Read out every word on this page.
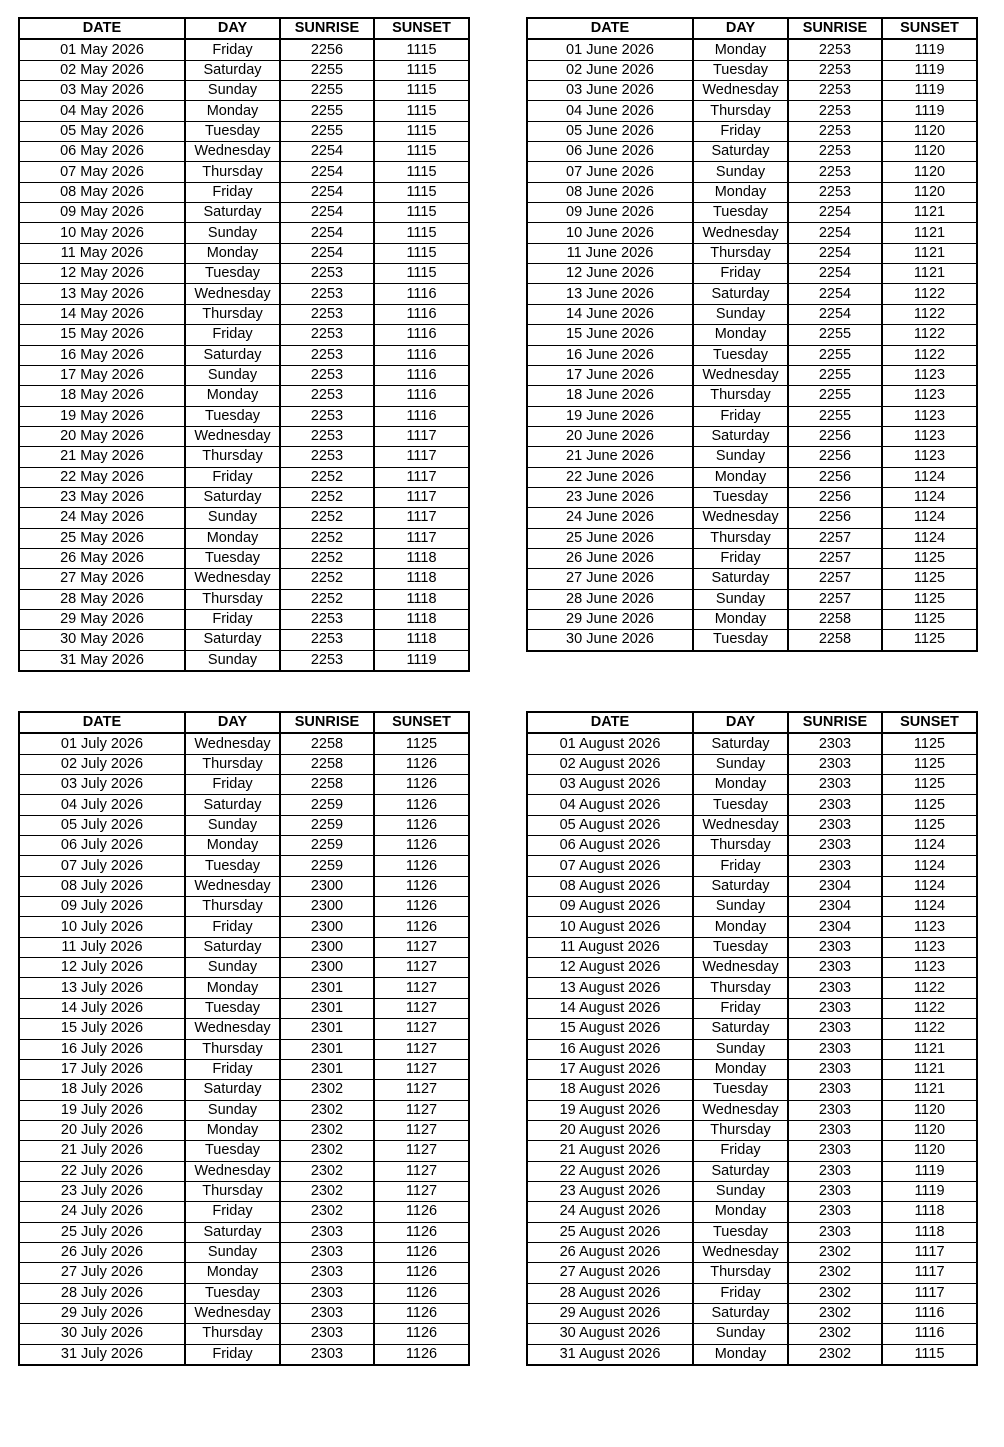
DATE	DAY	SUNRISE	SUNSET
01 May 2026	Friday	2256	1115
02 May 2026	Saturday	2255	1115
03 May 2026	Sunday	2255	1115
04 May 2026	Monday	2255	1115
05 May 2026	Tuesday	2255	1115
06 May 2026	Wednesday	2254	1115
07 May 2026	Thursday	2254	1115
08 May 2026	Friday	2254	1115
09 May 2026	Saturday	2254	1115
10 May 2026	Sunday	2254	1115
11 May 2026	Monday	2254	1115
12 May 2026	Tuesday	2253	1115
13 May 2026	Wednesday	2253	1116
14 May 2026	Thursday	2253	1116
15 May 2026	Friday	2253	1116
16 May 2026	Saturday	2253	1116
17 May 2026	Sunday	2253	1116
18 May 2026	Monday	2253	1116
19 May 2026	Tuesday	2253	1116
20 May 2026	Wednesday	2253	1117
21 May 2026	Thursday	2253	1117
22 May 2026	Friday	2252	1117
23 May 2026	Saturday	2252	1117
24 May 2026	Sunday	2252	1117
25 May 2026	Monday	2252	1117
26 May 2026	Tuesday	2252	1118
27 May 2026	Wednesday	2252	1118
28 May 2026	Thursday	2252	1118
29 May 2026	Friday	2253	1118
30 May 2026	Saturday	2253	1118
31 May 2026	Sunday	2253	1119
DATE	DAY	SUNRISE	SUNSET
01 June 2026	Monday	2253	1119
02 June 2026	Tuesday	2253	1119
03 June 2026	Wednesday	2253	1119
04 June 2026	Thursday	2253	1119
05 June 2026	Friday	2253	1120
06 June 2026	Saturday	2253	1120
07 June 2026	Sunday	2253	1120
08 June 2026	Monday	2253	1120
09 June 2026	Tuesday	2254	1121
10 June 2026	Wednesday	2254	1121
11 June 2026	Thursday	2254	1121
12 June 2026	Friday	2254	1121
13 June 2026	Saturday	2254	1122
14 June 2026	Sunday	2254	1122
15 June 2026	Monday	2255	1122
16 June 2026	Tuesday	2255	1122
17 June 2026	Wednesday	2255	1123
18 June 2026	Thursday	2255	1123
19 June 2026	Friday	2255	1123
20 June 2026	Saturday	2256	1123
21 June 2026	Sunday	2256	1123
22 June 2026	Monday	2256	1124
23 June 2026	Tuesday	2256	1124
24 June 2026	Wednesday	2256	1124
25 June 2026	Thursday	2257	1124
26 June 2026	Friday	2257	1125
27 June 2026	Saturday	2257	1125
28 June 2026	Sunday	2257	1125
29 June 2026	Monday	2258	1125
30 June 2026	Tuesday	2258	1125
DATE	DAY	SUNRISE	SUNSET
01 July 2026	Wednesday	2258	1125
02 July 2026	Thursday	2258	1126
03 July 2026	Friday	2258	1126
04 July 2026	Saturday	2259	1126
05 July 2026	Sunday	2259	1126
06 July 2026	Monday	2259	1126
07 July 2026	Tuesday	2259	1126
08 July 2026	Wednesday	2300	1126
09 July 2026	Thursday	2300	1126
10 July 2026	Friday	2300	1126
11 July 2026	Saturday	2300	1127
12 July 2026	Sunday	2300	1127
13 July 2026	Monday	2301	1127
14 July 2026	Tuesday	2301	1127
15 July 2026	Wednesday	2301	1127
16 July 2026	Thursday	2301	1127
17 July 2026	Friday	2301	1127
18 July 2026	Saturday	2302	1127
19 July 2026	Sunday	2302	1127
20 July 2026	Monday	2302	1127
21 July 2026	Tuesday	2302	1127
22 July 2026	Wednesday	2302	1127
23 July 2026	Thursday	2302	1127
24 July 2026	Friday	2302	1126
25 July 2026	Saturday	2303	1126
26 July 2026	Sunday	2303	1126
27 July 2026	Monday	2303	1126
28 July 2026	Tuesday	2303	1126
29 July 2026	Wednesday	2303	1126
30 July 2026	Thursday	2303	1126
31 July 2026	Friday	2303	1126
DATE	DAY	SUNRISE	SUNSET
01 August 2026	Saturday	2303	1125
02 August 2026	Sunday	2303	1125
03 August 2026	Monday	2303	1125
04 August 2026	Tuesday	2303	1125
05 August 2026	Wednesday	2303	1125
06 August 2026	Thursday	2303	1124
07 August 2026	Friday	2303	1124
08 August 2026	Saturday	2304	1124
09 August 2026	Sunday	2304	1124
10 August 2026	Monday	2304	1123
11 August 2026	Tuesday	2303	1123
12 August 2026	Wednesday	2303	1123
13 August 2026	Thursday	2303	1122
14 August 2026	Friday	2303	1122
15 August 2026	Saturday	2303	1122
16 August 2026	Sunday	2303	1121
17 August 2026	Monday	2303	1121
18 August 2026	Tuesday	2303	1121
19 August 2026	Wednesday	2303	1120
20 August 2026	Thursday	2303	1120
21 August 2026	Friday	2303	1120
22 August 2026	Saturday	2303	1119
23 August 2026	Sunday	2303	1119
24 August 2026	Monday	2303	1118
25 August 2026	Tuesday	2303	1118
26 August 2026	Wednesday	2302	1117
27 August 2026	Thursday	2302	1117
28 August 2026	Friday	2302	1117
29 August 2026	Saturday	2302	1116
30 August 2026	Sunday	2302	1116
31 August 2026	Monday	2302	1115
